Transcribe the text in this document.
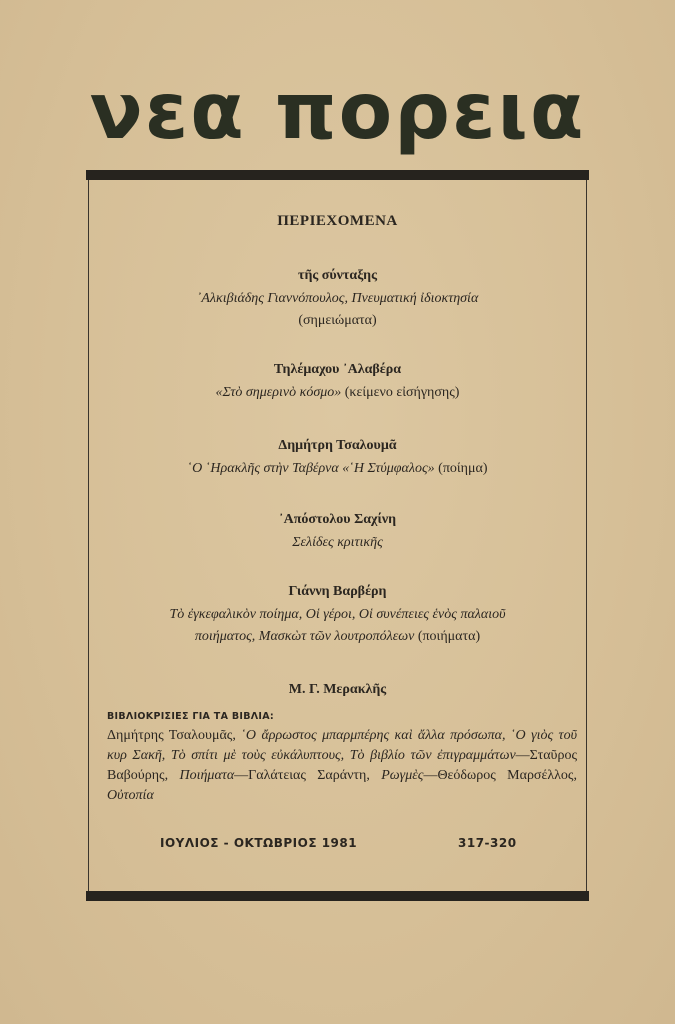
νεα πορεια
ΠΕΡΙΕΧΟΜΕΝΑ
τῆς σύνταξης
᾿Αλκιβιάδης Γιαννόπουλος, Πνευματική ἰδιοκτησία
(σημειώματα)
Τηλέμαχου ᾿Αλαβέρα
«Στὸ σημερινὸ κόσμο» (κείμενο εἰσήγησης)
Δημήτρη Τσαλουμᾶ
῾Ο ῾Ηρακλῆς στὴν Ταβέρνα «῾Η Στύμφαλος» (ποίημα)
᾿Απόστολου Σαχίνη
Σελίδες κριτικῆς
Γιάννη Βαρβέρη
Τὸ ἐγκεφαλικὸν ποίημα, Οἱ γέροι, Οἱ συνέπειες ἑνὸς παλαιοῦ
ποιήματος, Μασκὼτ τῶν λουτροπόλεων (ποιήματα)
Μ. Γ. Μερακλῆς
ΒΙΒΛΙΟΚΡΙΣΙΕΣ ΓΙΑ ΤΑ ΒΙΒΛΙΑ:
Δημήτρης Τσαλουμᾶς, ῾Ο ἄρρωστος μπαρμπέρης καὶ ἄλλα πρόσωπα, ῾Ο γιὸς τοῦ κυρ Σακῆ, Τὸ σπίτι μὲ τοὺς εὐκάλυπτους, Τὸ βιβλίο τῶν ἐπιγραμμάτων—Σταῦρος Βαβούρης, Ποιήματα—Γαλάτειας Σαράντη, Ρωγμὲς—Θεόδωρος Μαρσέλλος, Οὐτοπία
ΙΟΥΛΙΟΣ - ΟΚΤΩΒΡΙΟΣ 1981	317-320
